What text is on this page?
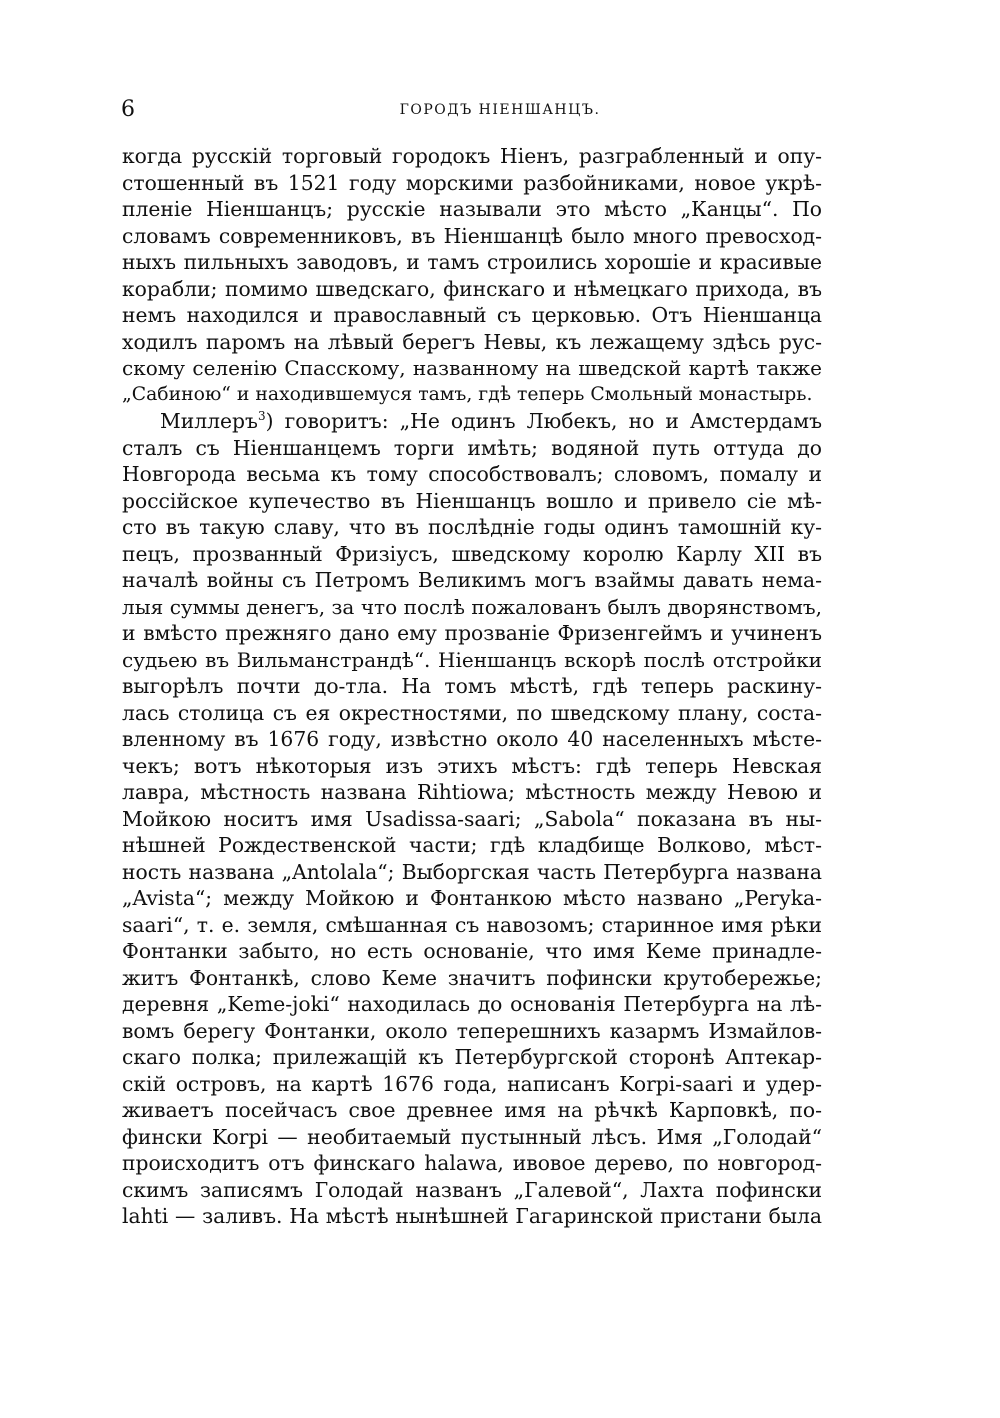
6	ГОРОДЪ НІЕНШАНЦЪ.
когда русскій торговый городокъ Ніенъ, разграбленный и опу-
стошенный въ 1521 году морскими разбойниками, новое укрѣ-
пленіе Ніеншанцъ; русскіе называли это мѣсто „Канцы“. По
словамъ современниковъ, въ Ніеншанцѣ было много превосход-
ныхъ пильныхъ заводовъ, и тамъ строились хорошіе и красивые
корабли; помимо шведскаго, финскаго и нѣмецкаго прихода, въ
немъ находился и православный съ церковью. Отъ Ніеншанца
ходилъ паромъ на лѣвый берегъ Невы, къ лежащему здѣсь рус-
скому селенію Спасскому, названному на шведской картѣ также
„Сабиною“ и находившемуся тамъ, гдѣ теперь Смольный монастырь.
Миллеръ$^3$) говоритъ: „Не одинъ Любекъ, но и Амстердамъ
сталъ съ Ніеншанцемъ торги имѣть; водяной путь оттуда до
Новгорода весьма къ тому способствовалъ; словомъ, помалу и
россійское купечество въ Ніеншанцъ вошло и привело сіе мѣ-
сто въ такую славу, что въ послѣдніе годы одинъ тамошній ку-
пецъ, прозванный Фризіусъ, шведскому королю Карлу XII въ
началѣ войны съ Петромъ Великимъ могъ взаймы давать нема-
лыя суммы денегъ, за что послѣ пожалованъ былъ дворянствомъ,
и вмѣсто прежняго дано ему прозваніе Фризенгеймъ и учиненъ
судьею въ Вильманстрандѣ“. Ніеншанцъ вскорѣ послѣ отстройки
выгорѣлъ почти до-тла. На томъ мѣстѣ, гдѣ теперь раскину-
лась столица съ ея окрестностями, по шведскому плану, соста-
вленному въ 1676 году, извѣстно около 40 населенныхъ мѣсте-
чекъ; вотъ нѣкоторыя изъ этихъ мѣстъ: гдѣ теперь Невская
лавра, мѣстность названа Rihtiowa; мѣстность между Невою и
Мойкою носитъ имя Usadissa-saari; „Sabola“ показана въ ны-
нѣшней Рождественской части; гдѣ кладбище Волково, мѣст-
ность названа „Antolala“; Выборгская часть Петербурга названа
„Avista“; между Мойкою и Фонтанкою мѣсто названо „Perуka-
saari“, т. е. земля, смѣшанная съ навозомъ; старинное имя рѣки
Фонтанки забыто, но есть основаніе, что имя Кеме принадле-
житъ Фонтанкѣ, слово Кеме значитъ пофински крутобережье;
деревня „Keme-joki“ находилась до основанія Петербурга на лѣ-
вомъ берегу Фонтанки, около теперешнихъ казармъ Измайлов-
скаго полка; прилежащій къ Петербургской сторонѣ Аптекар-
скій островъ, на картѣ 1676 года, написанъ Korpi-saari и удер-
живаетъ посейчасъ свое древнее имя на рѣчкѣ Карповкѣ, по-
фински Korpi — необитаемый пустынный лѣсъ. Имя „Голодай“
происходитъ отъ финскаго halawa, ивовое дерево, по новгород-
скимъ записямъ Голодай названъ „Галевой“, Лахта пофински
lahti — заливъ. На мѣстѣ нынѣшней Гагаринской пристани была
